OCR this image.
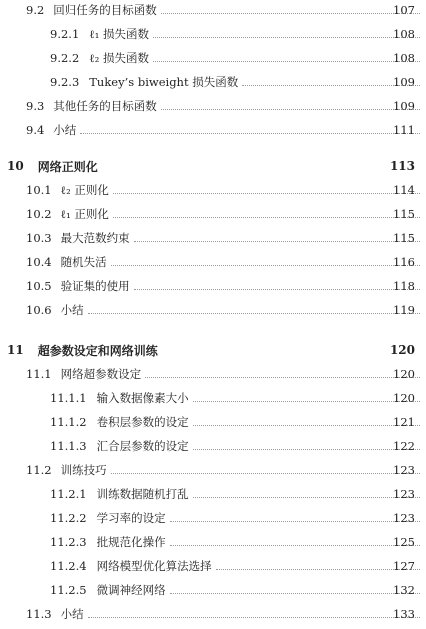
9.2 回归任务的目标函数	107
9.2.1 ℓ₁ 损失函数	108
9.2.2 ℓ₂ 损失函数	108
9.2.3 Tukey’s biweight 损失函数	109
9.3 其他任务的目标函数	109
9.4 小结	111
10 网络正则化	113
10.1 ℓ₂ 正则化	114
10.2 ℓ₁ 正则化	115
10.3 最大范数约束	115
10.4 随机失活	116
10.5 验证集的使用	118
10.6 小结	119
11 超参数设定和网络训练	120
11.1 网络超参数设定	120
11.1.1 输入数据像素大小	120
11.1.2 卷积层参数的设定	121
11.1.3 汇合层参数的设定	122
11.2 训练技巧	123
11.2.1 训练数据随机打乱	123
11.2.2 学习率的设定	123
11.2.3 批规范化操作	125
11.2.4 网络模型优化算法选择	127
11.2.5 微调神经网络	132
11.3 小结	133
